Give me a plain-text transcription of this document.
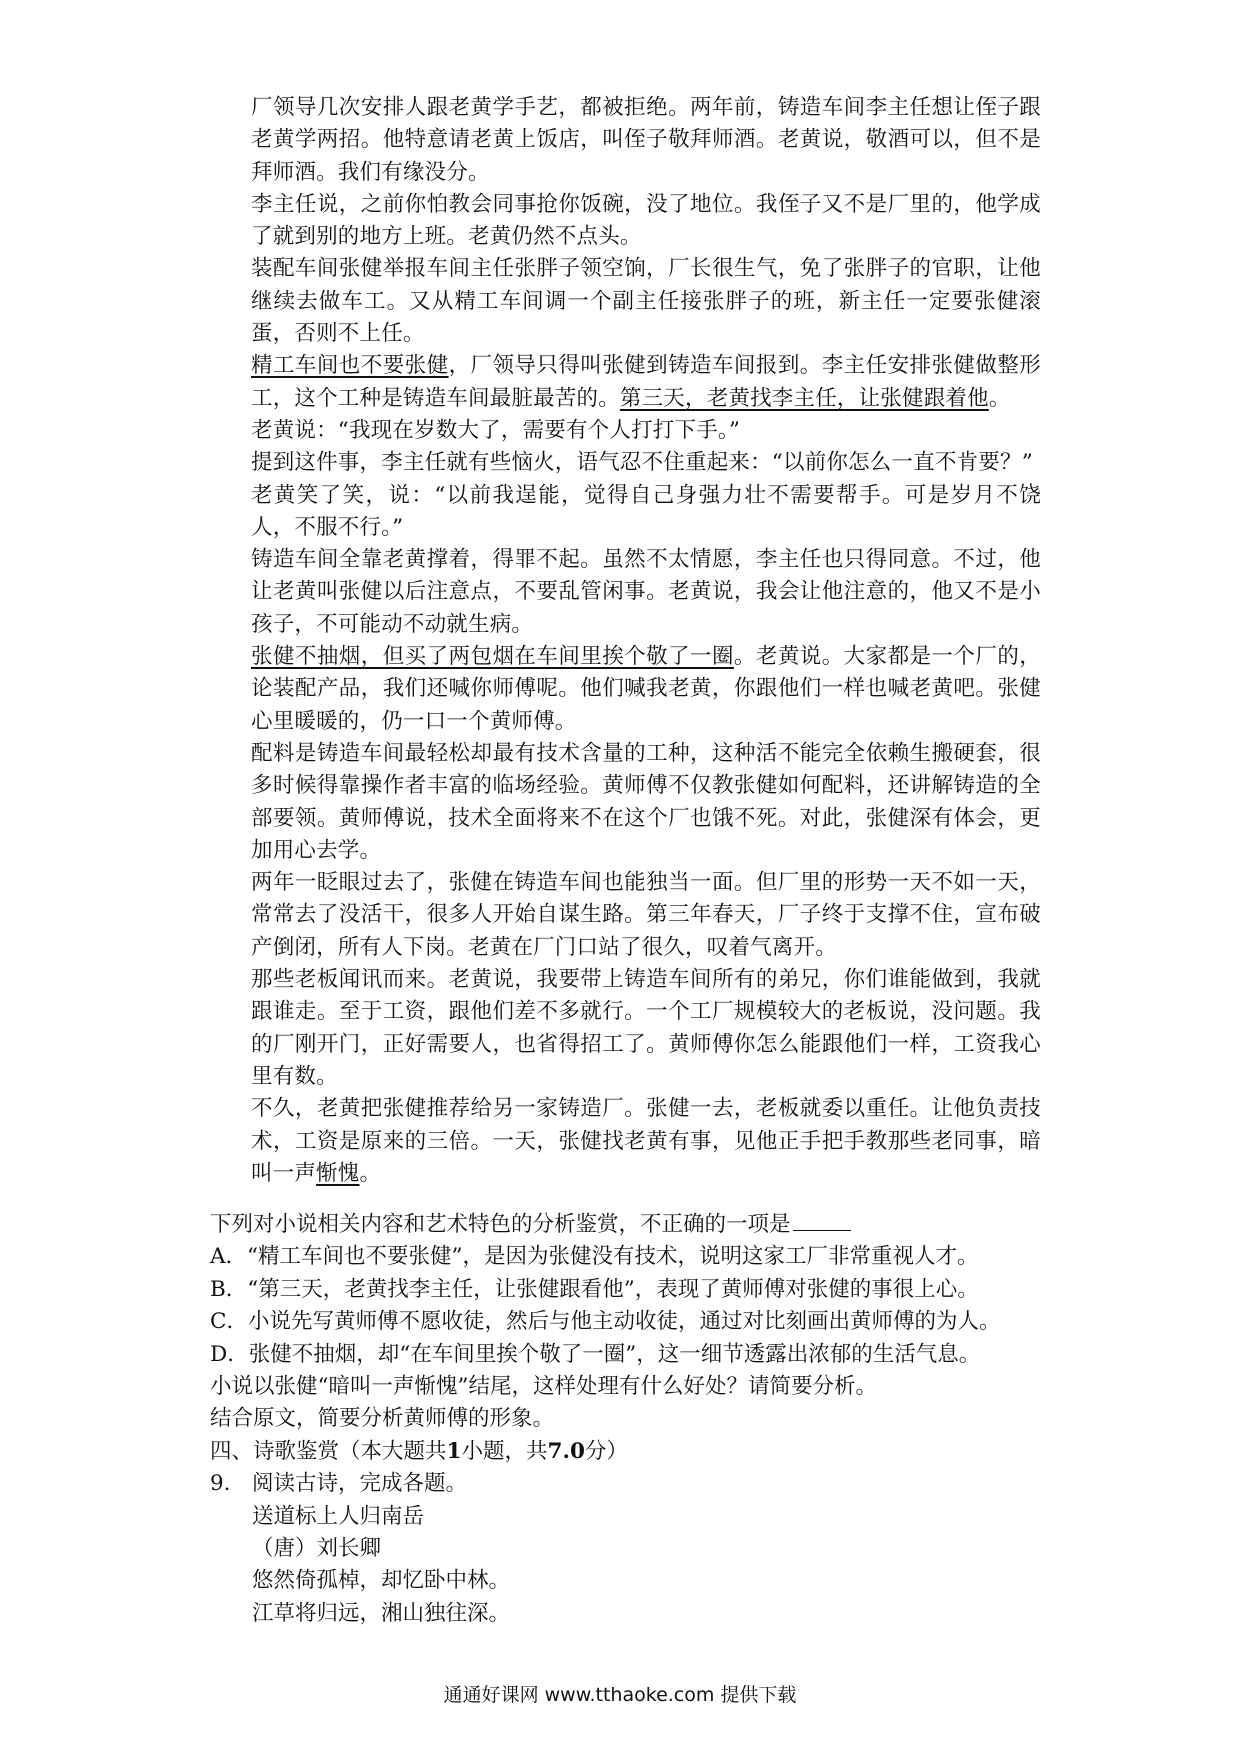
厂领导几次安排人跟老黄学手艺，都被拒绝。两年前，铸造车间李主任想让侄子跟老黄学两招。他特意请老黄上饭店，叫侄子敬拜师酒。老黄说，敬酒可以，但不是拜师酒。我们有缘没分。

李主任说，之前你怕教会同事抢你饭碗，没了地位。我侄子又不是厂里的，他学成了就到别的地方上班。老黄仍然不点头。

装配车间张健举报车间主任张胖子领空饷，厂长很生气，免了张胖子的官职，让他继续去做车工。又从精工车间调一个副主任接张胖子的班，新主任一定要张健滚蛋，否则不上任。

精工车间也不要张健，厂领导只得叫张健到铸造车间报到。李主任安排张健做整形工，这个工种是铸造车间最脏最苦的。第三天，老黄找李主任，让张健跟着他。

老黄说：“我现在岁数大了，需要有个人打打下手。”

提到这件事，李主任就有些恼火，语气忍不住重起来：“以前你怎么一直不肯要？”

老黄笑了笑，说：“以前我逞能，觉得自己身强力壮不需要帮手。可是岁月不饶人，不服不行。”

铸造车间全靠老黄撑着，得罪不起。虽然不太情愿，李主任也只得同意。不过，他让老黄叫张健以后注意点，不要乱管闲事。老黄说，我会让他注意的，他又不是小孩子，不可能动不动就生病。

张健不抽烟，但买了两包烟在车间里挨个敬了一圈。老黄说。大家都是一个厂的，论装配产品，我们还喊你师傅呢。他们喊我老黄，你跟他们一样也喊老黄吧。张健心里暖暖的，仍一口一个黄师傅。

配料是铸造车间最轻松却最有技术含量的工种，这种活不能完全依赖生搬硬套，很多时候得靠操作者丰富的临场经验。黄师傅不仅教张健如何配料，还讲解铸造的全部要领。黄师傅说，技术全面将来不在这个厂也饿不死。对此，张健深有体会，更加用心去学。

两年一眨眼过去了，张健在铸造车间也能独当一面。但厂里的形势一天不如一天，常常去了没活干，很多人开始自谋生路。第三年春天，厂子终于支撑不住，宣布破产倒闭，所有人下岗。老黄在厂门口站了很久，叹着气离开。

那些老板闻讯而来。老黄说，我要带上铸造车间所有的弟兄，你们谁能做到，我就跟谁走。至于工资，跟他们差不多就行。一个工厂规模较大的老板说，没问题。我的厂刚开门，正好需要人，也省得招工了。黄师傅你怎么能跟他们一样，工资我心里有数。

不久，老黄把张健推荐给另一家铸造厂。张健一去，老板就委以重任。让他负责技术，工资是原来的三倍。一天，张健找老黄有事，见他正手把手教那些老同事，暗叫一声惭愧。

下列对小说相关内容和艺术特色的分析鉴赏，不正确的一项是

A．“精工车间也不要张健”，是因为张健没有技术，说明这家工厂非常重视人才。

B．“第三天，老黄找李主任，让张健跟看他”，表现了黄师傅对张健的事很上心。

C．小说先写黄师傅不愿收徒，然后与他主动收徒，通过对比刻画出黄师傅的为人。

D．张健不抽烟，却“在车间里挨个敬了一圈”，这一细节透露出浓郁的生活气息。

小说以张健“暗叫一声惭愧”结尾，这样处理有什么好处？请简要分析。

结合原文，简要分析黄师傅的形象。

四、诗歌鉴赏（本大题共1小题，共7.0分）

9. 阅读古诗，完成各题。

送道标上人归南岳

（唐）刘长卿

悠然倚孤棹，却忆卧中林。

江草将归远，湘山独往深。

通通好课网 www.tthaoke.com 提供下载
